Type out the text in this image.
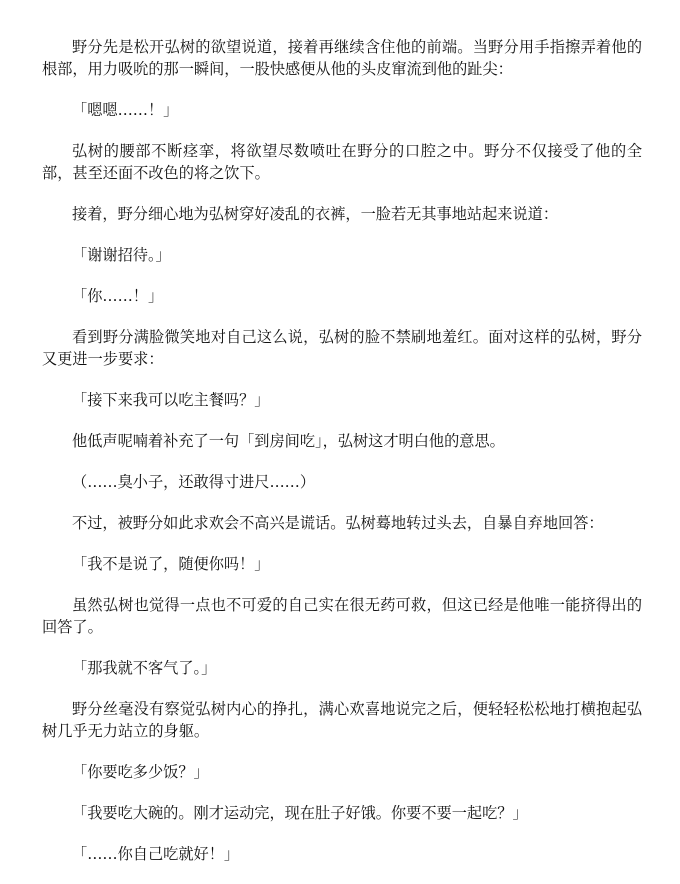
野分先是松开弘树的欲望说道，接着再继续含住他的前端。当野分用手指擦弄着他的根部，用力吸吮的那一瞬间，一股快感便从他的头皮窜流到他的趾尖：

「嗯嗯……！」

弘树的腰部不断痉挛，将欲望尽数喷吐在野分的口腔之中。野分不仅接受了他的全部，甚至还面不改色的将之饮下。

接着，野分细心地为弘树穿好凌乱的衣裤，一脸若无其事地站起来说道：

「谢谢招待。」

「你……！」

看到野分满脸微笑地对自己这么说，弘树的脸不禁刷地羞红。面对这样的弘树，野分又更进一步要求：

「接下来我可以吃主餐吗？」

他低声呢喃着补充了一句「到房间吃」，弘树这才明白他的意思。

（……臭小子，还敢得寸进尺……）

不过，被野分如此求欢会不高兴是谎话。弘树蓦地转过头去，自暴自弃地回答：

「我不是说了，随便你吗！」

虽然弘树也觉得一点也不可爱的自己实在很无药可救，但这已经是他唯一能挤得出的回答了。

「那我就不客气了。」

野分丝毫没有察觉弘树内心的挣扎，满心欢喜地说完之后，便轻轻松松地打横抱起弘树几乎无力站立的身躯。

「你要吃多少饭？」

「我要吃大碗的。刚才运动完，现在肚子好饿。你要不要一起吃？」

「……你自己吃就好！」
